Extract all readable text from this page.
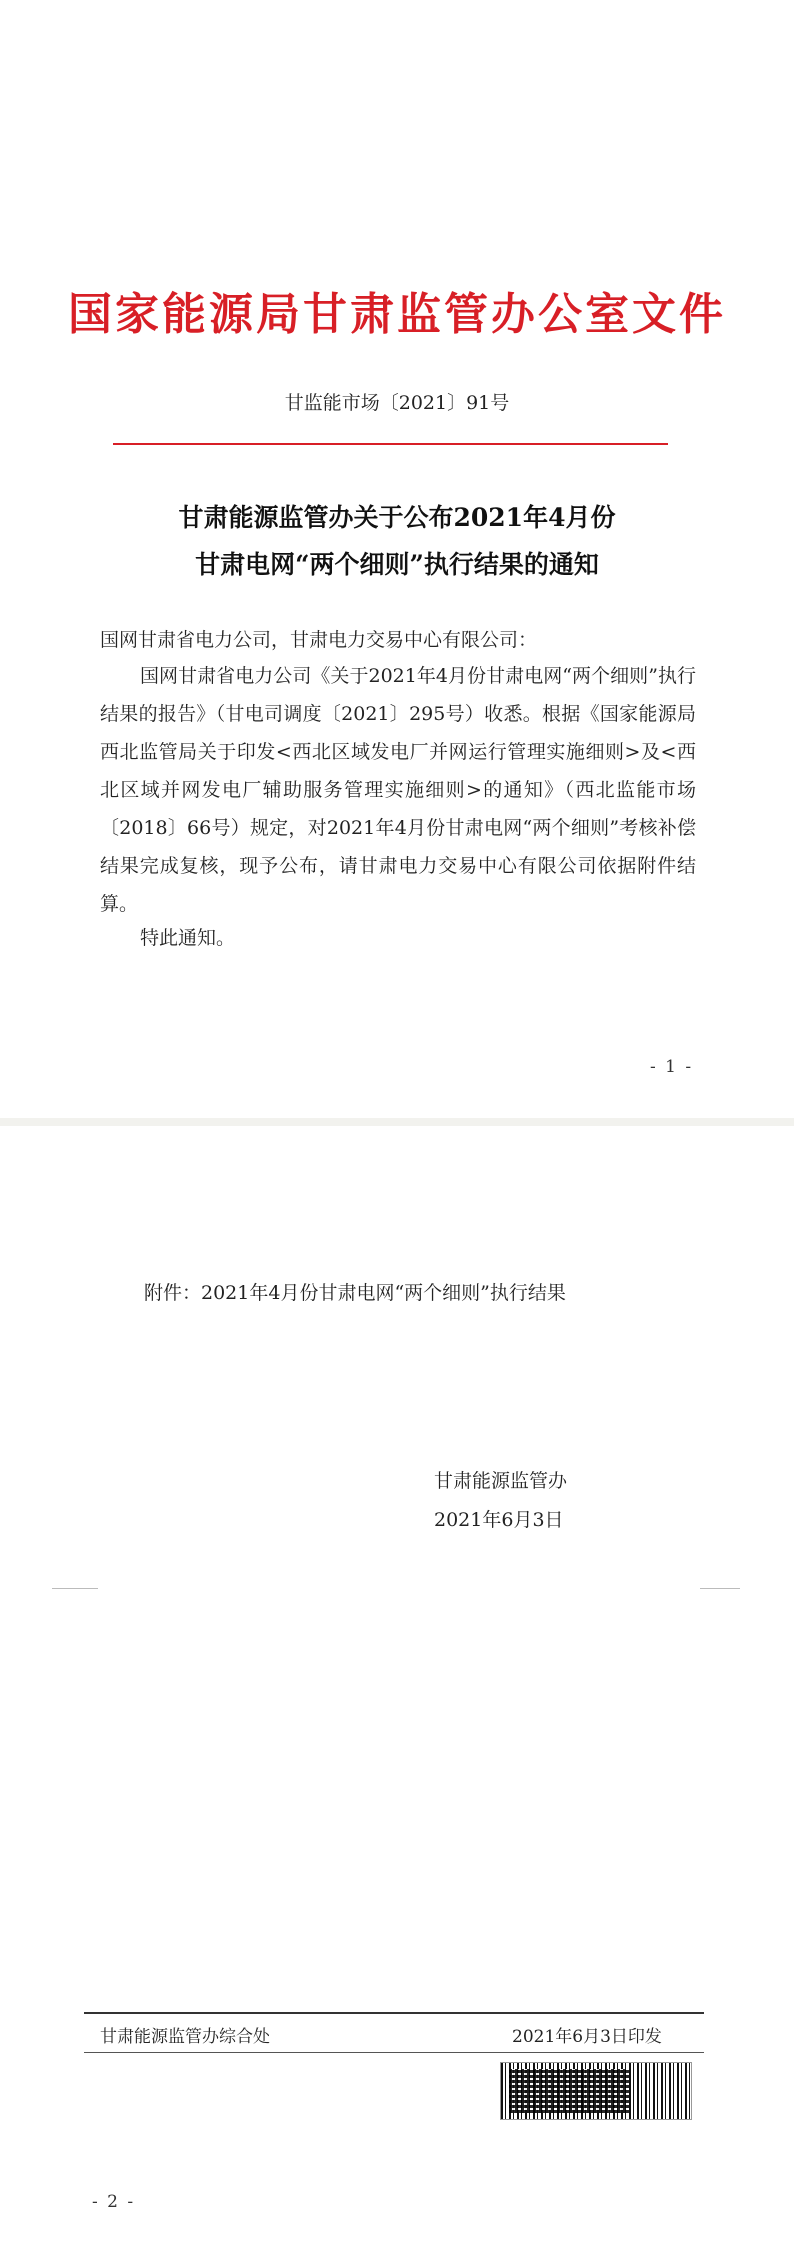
国家能源局甘肃监管办公室文件
甘监能市场〔2021〕91号
甘肃能源监管办关于公布2021年4月份
甘肃电网“两个细则”执行结果的通知
国网甘肃省电力公司，甘肃电力交易中心有限公司：
国网甘肃省电力公司《关于2021年4月份甘肃电网“两个细则”执行结果的报告》（甘电司调度〔2021〕295号）收悉。根据《国家能源局西北监管局关于印发<西北区域发电厂并网运行管理实施细则>及<西北区域并网发电厂辅助服务管理实施细则>的通知》（西北监能市场〔2018〕66号）规定，对2021年4月份甘肃电网“两个细则”考核补偿结果完成复核，现予公布，请甘肃电力交易中心有限公司依据附件结算。
特此通知。
- 1 -
附件：2021年4月份甘肃电网“两个细则”执行结果
甘肃能源监管办
2021年6月3日
甘肃能源监管办综合处	2021年6月3日印发
- 2 -
